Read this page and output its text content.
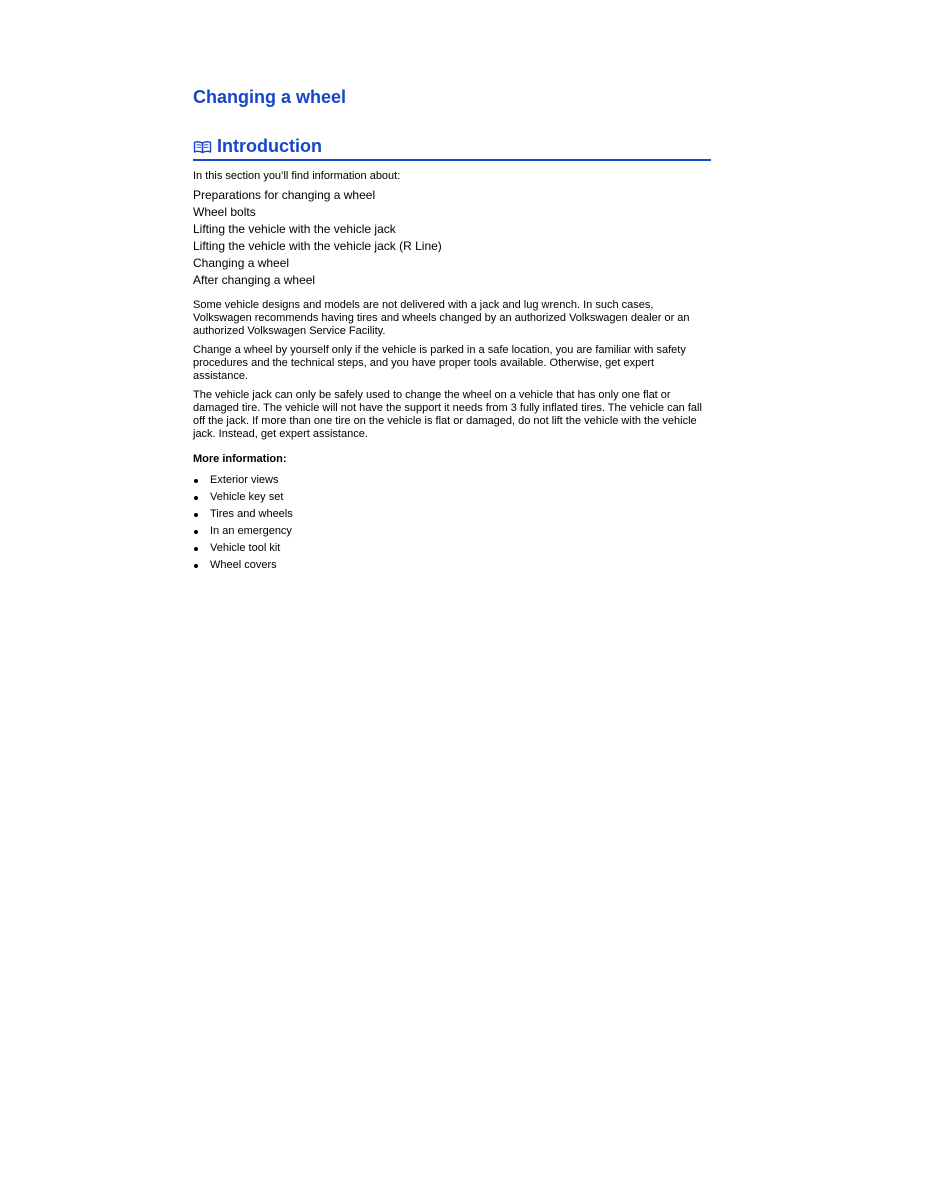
Changing a wheel
Introduction

In this section you’ll find information about:

Preparations for changing a wheel
Wheel bolts
Lifting the vehicle with the vehicle jack
Lifting the vehicle with the vehicle jack (R Line)
Changing a wheel
After changing a wheel

Some vehicle designs and models are not delivered with a jack and lug wrench. In such cases, Volkswagen recommends having tires and wheels changed by an authorized Volkswagen dealer or an authorized Volkswagen Service Facility.

Change a wheel by yourself only if the vehicle is parked in a safe location, you are familiar with safety procedures and the technical steps, and you have proper tools available. Otherwise, get expert assistance.

The vehicle jack can only be safely used to change the wheel on a vehicle that has only one flat or damaged tire. The vehicle will not have the support it needs from 3 fully inflated tires. The vehicle can fall off the jack. If more than one tire on the vehicle is flat or damaged, do not lift the vehicle with the vehicle jack. Instead, get expert assistance.

More information:

Exterior views
Vehicle key set
Tires and wheels
In an emergency
Vehicle tool kit
Wheel covers
